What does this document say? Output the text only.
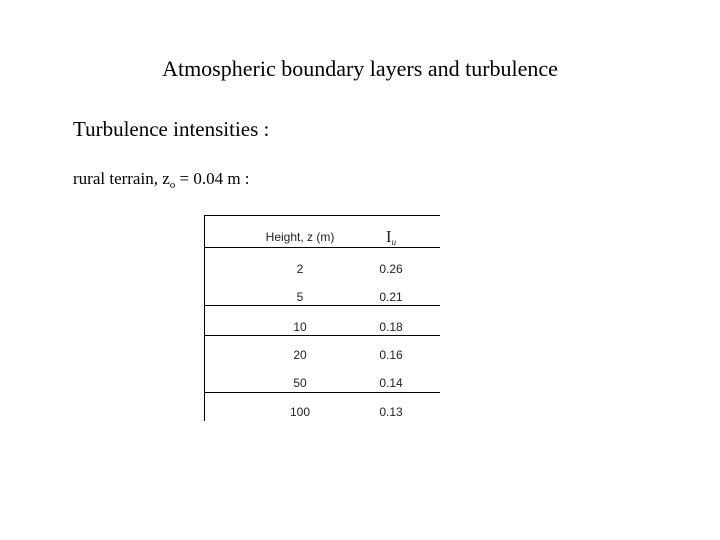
Atmospheric boundary layers and turbulence
Turbulence intensities :
rural terrain, $z_o = 0.04$ m :
Height, z (m)	$I_u$
2	0.26
5	0.21
10	0.18
20	0.16
50	0.14
100	0.13
